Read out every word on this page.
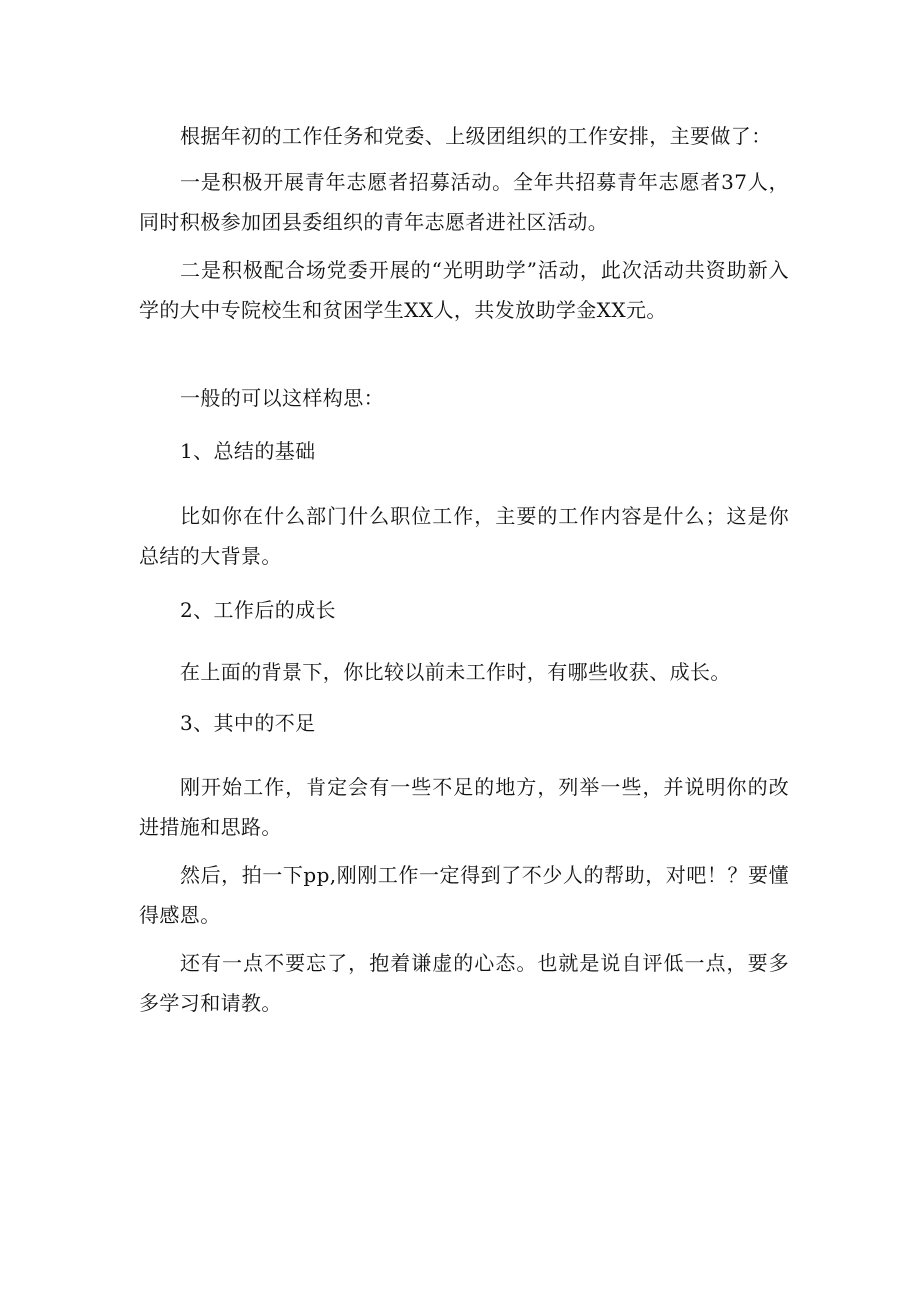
根据年初的工作任务和党委、上级团组织的工作安排，主要做了：

一是积极开展青年志愿者招募活动。全年共招募青年志愿者37人，同时积极参加团县委组织的青年志愿者进社区活动。

二是积极配合场党委开展的“光明助学”活动，此次活动共资助新入学的大中专院校生和贫困学生XX人，共发放助学金XX元。

一般的可以这样构思：

1、总结的基础

比如你在什么部门什么职位工作，主要的工作内容是什么；这是你总结的大背景。

2、工作后的成长

在上面的背景下，你比较以前未工作时，有哪些收获、成长。

3、其中的不足

刚开始工作，肯定会有一些不足的地方，列举一些，并说明你的改进措施和思路。

然后，拍一下pp,刚刚工作一定得到了不少人的帮助，对吧！？要懂得感恩。

还有一点不要忘了，抱着谦虚的心态。也就是说自评低一点，要多多学习和请教。
